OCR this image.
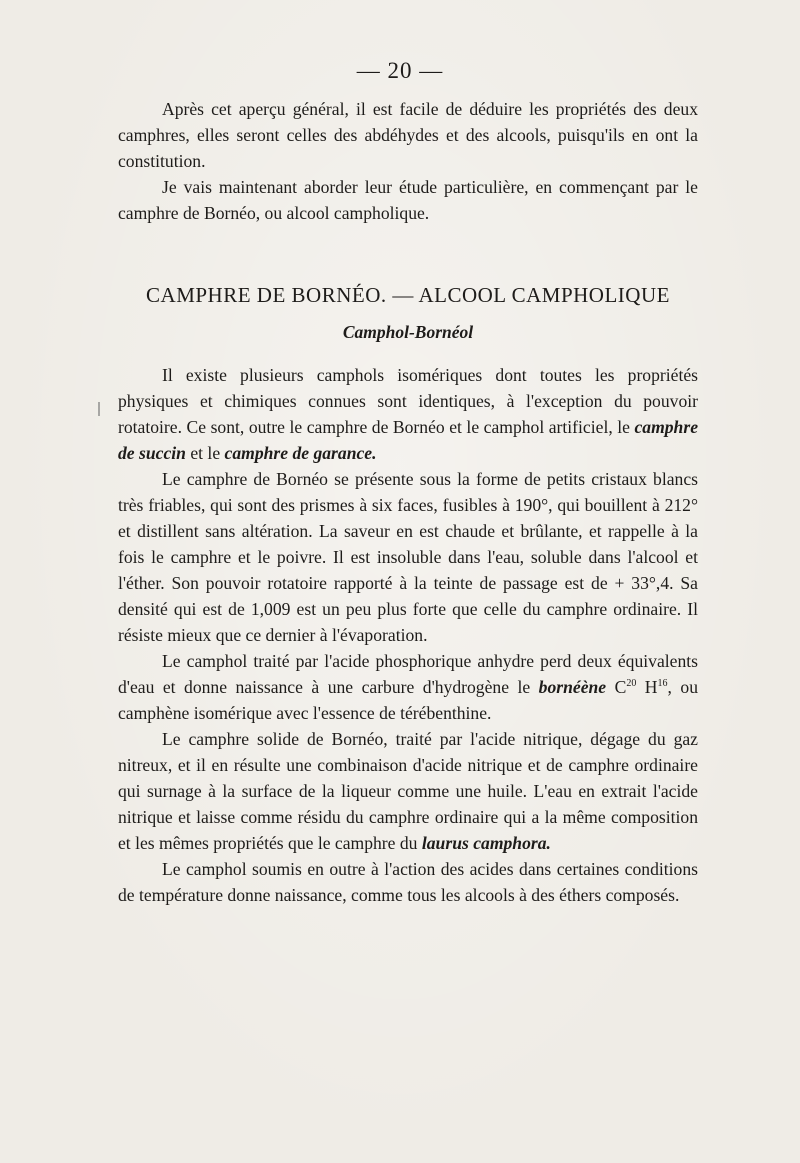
— 20 —

Après cet aperçu général, il est facile de déduire les propriétés des deux camphres, elles seront celles des abdéhydes et des alcools, puisqu'ils en ont la constitution.

Je vais maintenant aborder leur étude particulière, en commençant par le camphre de Bornéo, ou alcool campholique.

CAMPHRE DE BORNÉO. — ALCOOL CAMPHOLIQUE
Camphol-Bornéol

Il existe plusieurs camphols isomériques dont toutes les propriétés physiques et chimiques connues sont identiques, à l'exception du pouvoir rotatoire. Ce sont, outre le camphre de Bornéo et le camphol artificiel, le camphre de succin et le camphre de garance.

Le camphre de Bornéo se présente sous la forme de petits cristaux blancs très friables, qui sont des prismes à six faces, fusibles à 190°, qui bouillent à 212° et distillent sans altération. La saveur en est chaude et brûlante, et rappelle à la fois le camphre et le poivre. Il est insoluble dans l'eau, soluble dans l'alcool et l'éther. Son pouvoir rotatoire rapporté à la teinte de passage est de + 33°,4. Sa densité qui est de 1,009 est un peu plus forte que celle du camphre ordinaire. Il résiste mieux que ce dernier à l'évaporation.

Le camphol traité par l'acide phosphorique anhydre perd deux équivalents d'eau et donne naissance à une carbure d'hydrogène le bornéène $C^{20}$ $H^{16}$, ou camphène isomérique avec l'essence de térébenthine.

Le camphre solide de Bornéo, traité par l'acide nitrique, dégage du gaz nitreux, et il en résulte une combinaison d'acide nitrique et de camphre ordinaire qui surnage à la surface de la liqueur comme une huile. L'eau en extrait l'acide nitrique et laisse comme résidu du camphre ordinaire qui a la même composition et les mêmes propriétés que le camphre du laurus camphora.

Le camphol soumis en outre à l'action des acides dans certaines conditions de température donne naissance, comme tous les alcools à des éthers composés.
